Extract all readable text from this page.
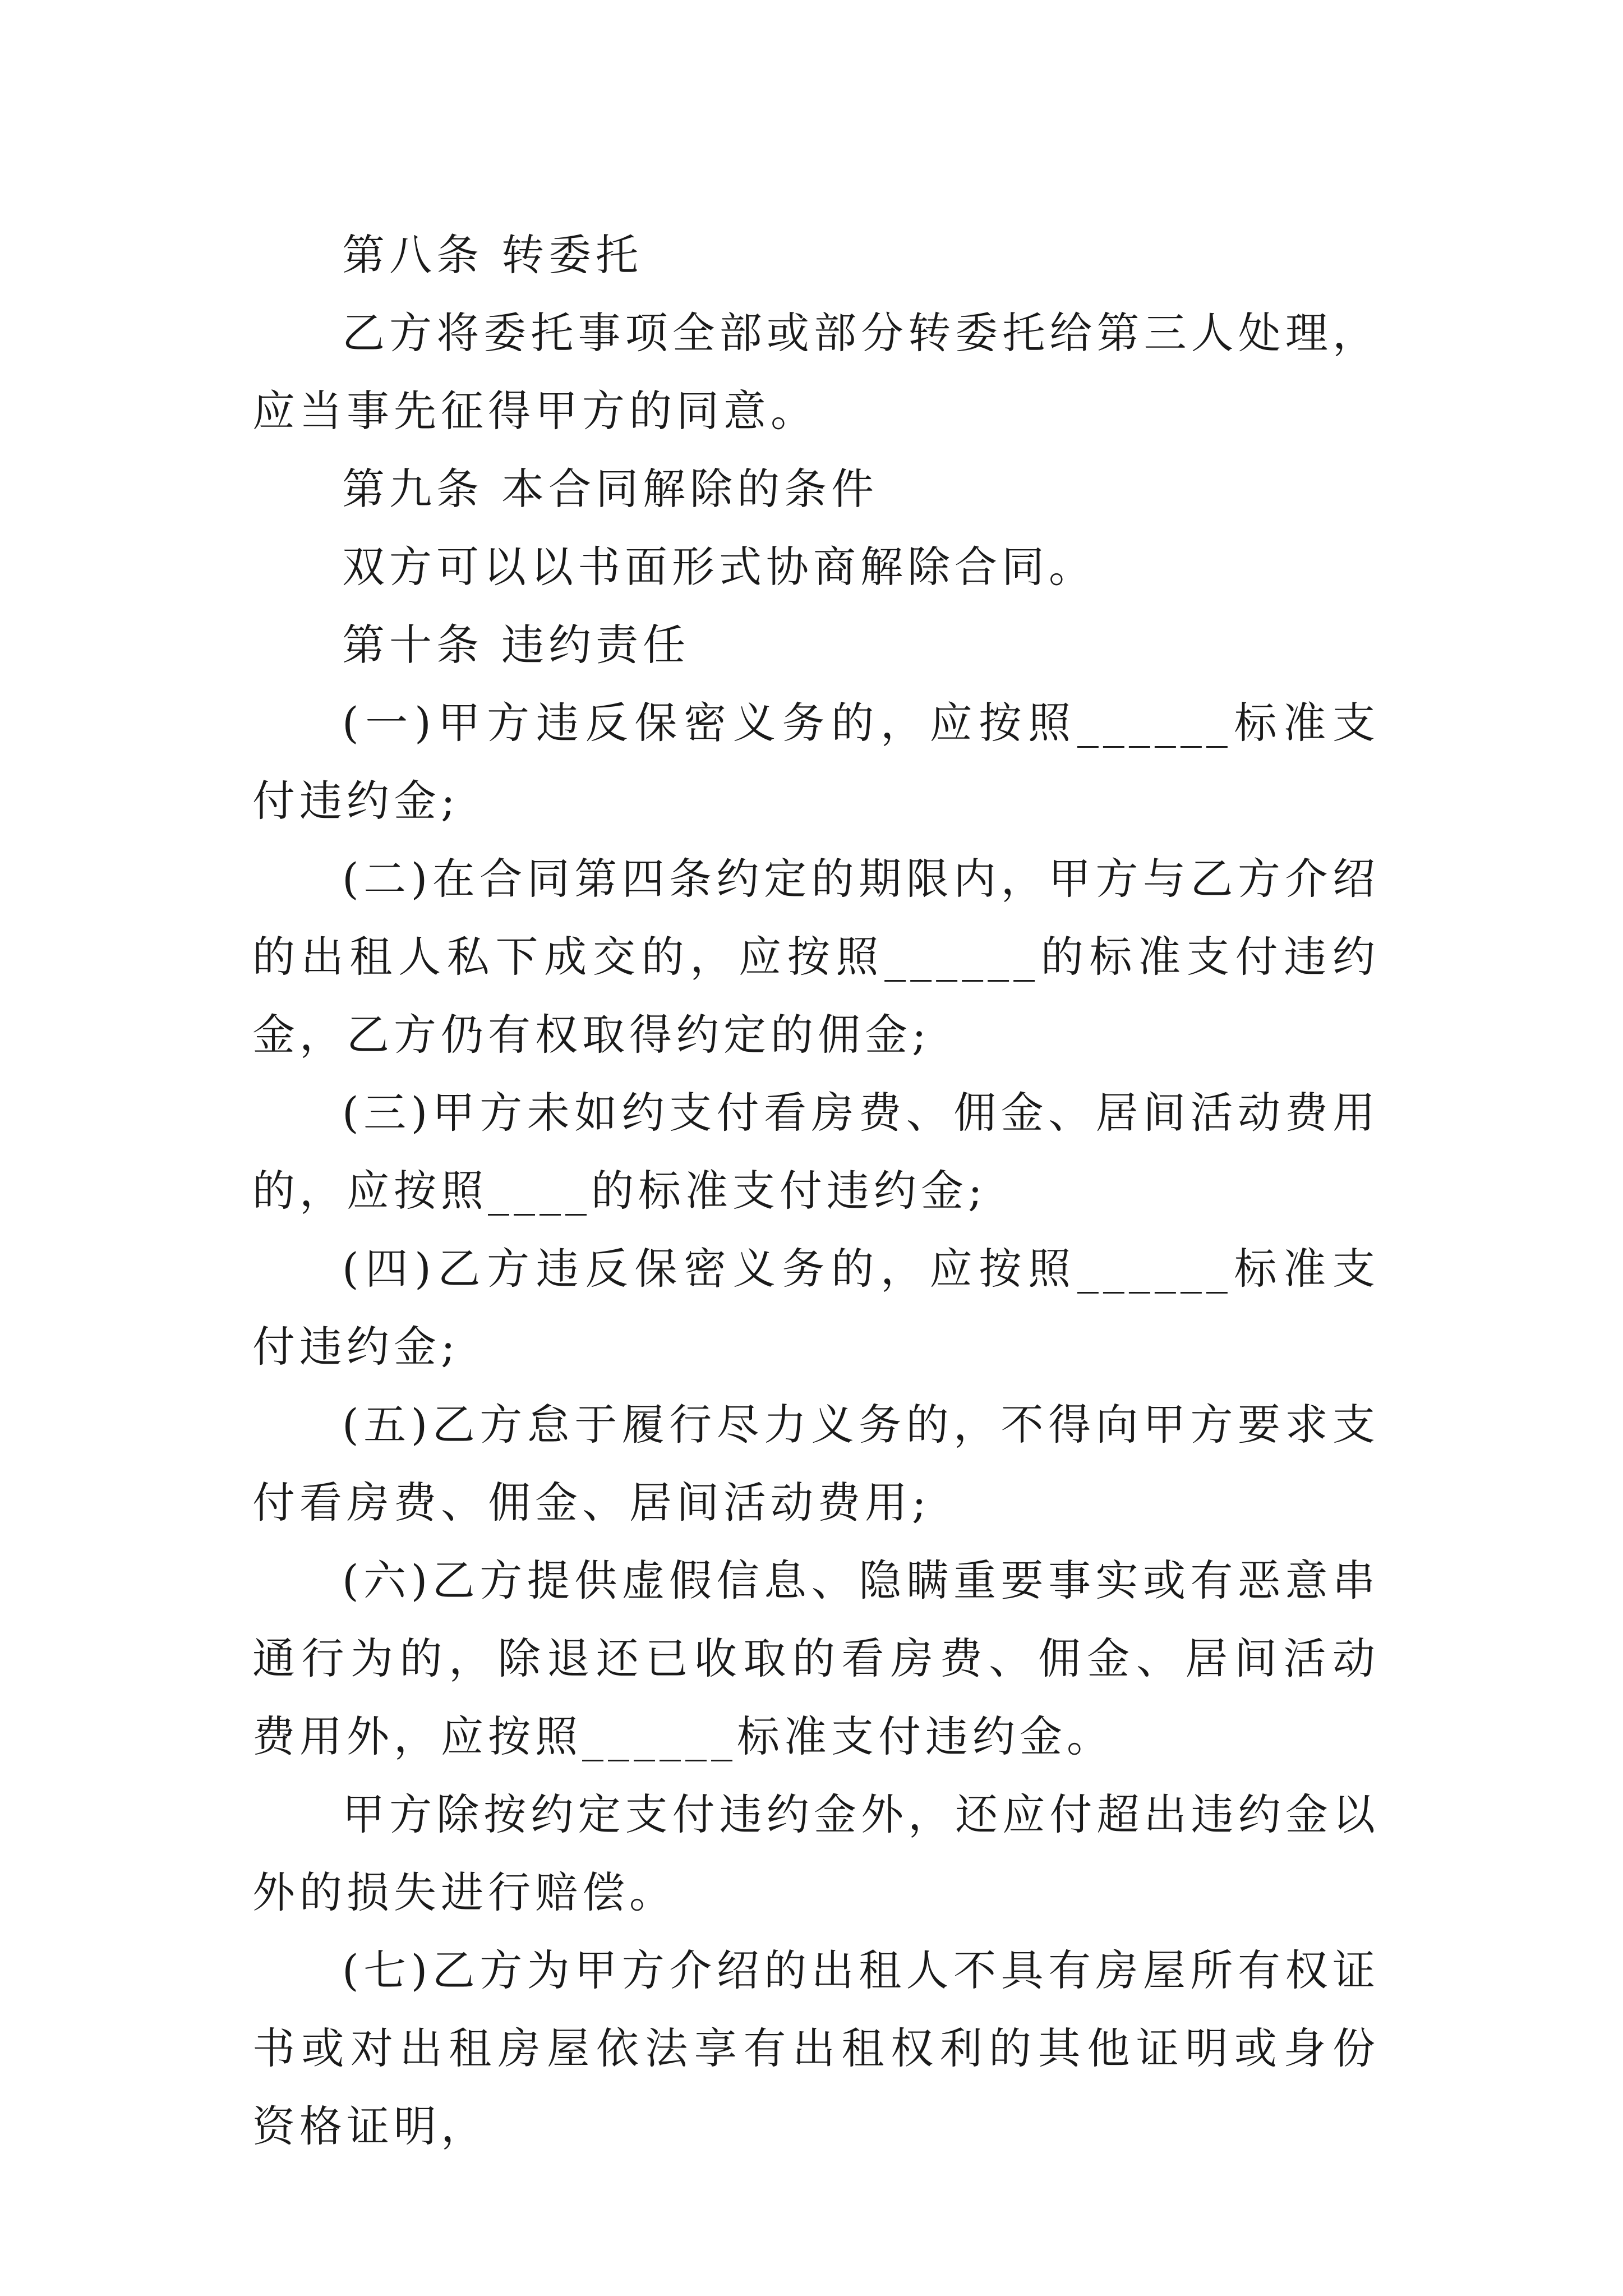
第八条 转委托

乙方将委托事项全部或部分转委托给第三人处理，应当事先征得甲方的同意。

第九条 本合同解除的条件

双方可以以书面形式协商解除合同。

第十条 违约责任

(一)甲方违反保密义务的，应按照______标准支付违约金;

(二)在合同第四条约定的期限内，甲方与乙方介绍的出租人私下成交的，应按照______的标准支付违约金，乙方仍有权取得约定的佣金;

(三)甲方未如约支付看房费、佣金、居间活动费用的，应按照____的标准支付违约金;

(四)乙方违反保密义务的，应按照______标准支付违约金;

(五)乙方怠于履行尽力义务的，不得向甲方要求支付看房费、佣金、居间活动费用;

(六)乙方提供虚假信息、隐瞒重要事实或有恶意串通行为的，除退还已收取的看房费、佣金、居间活动费用外，应按照______标准支付违约金。

甲方除按约定支付违约金外，还应付超出违约金以外的损失进行赔偿。

(七)乙方为甲方介绍的出租人不具有房屋所有权证书或对出租房屋依法享有出租权利的其他证明或身份资格证明，
